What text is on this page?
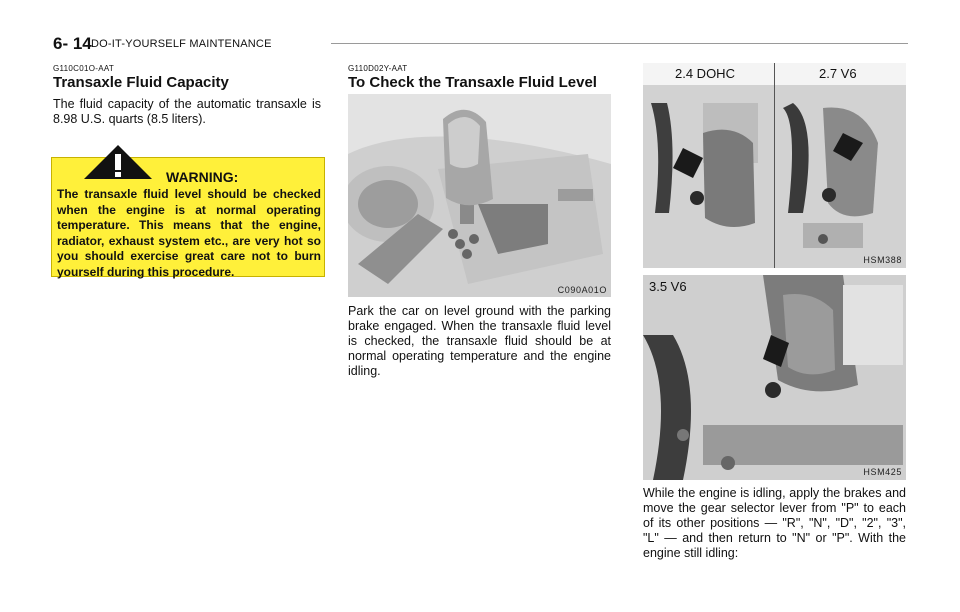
6- 14 DO-IT-YOURSELF MAINTENANCE
G110C01O-AAT
Transaxle Fluid Capacity
The fluid capacity of the automatic transaxle is 8.98 U.S. quarts (8.5 liters).
WARNING:
The transaxle fluid level should be checked when the engine is at normal operating temperature. This means that the engine, radiator, exhaust system etc., are very hot so you should exercise great care not to burn yourself during this procedure.
G110D02Y-AAT
To Check the Transaxle Fluid Level
C090A01O
Park the car on level ground with the parking brake engaged. When the transaxle fluid level is checked, the transaxle fluid should be at normal operating temperature and the engine idling.
2.4 DOHC	2.7 V6
HSM388
3.5 V6
HSM425
While the engine is idling, apply the brakes and move the gear selector lever from "P" to each of its other positions — "R", "N", "D", "2", "3", "L" — and then return to "N" or "P". With the engine still idling:
